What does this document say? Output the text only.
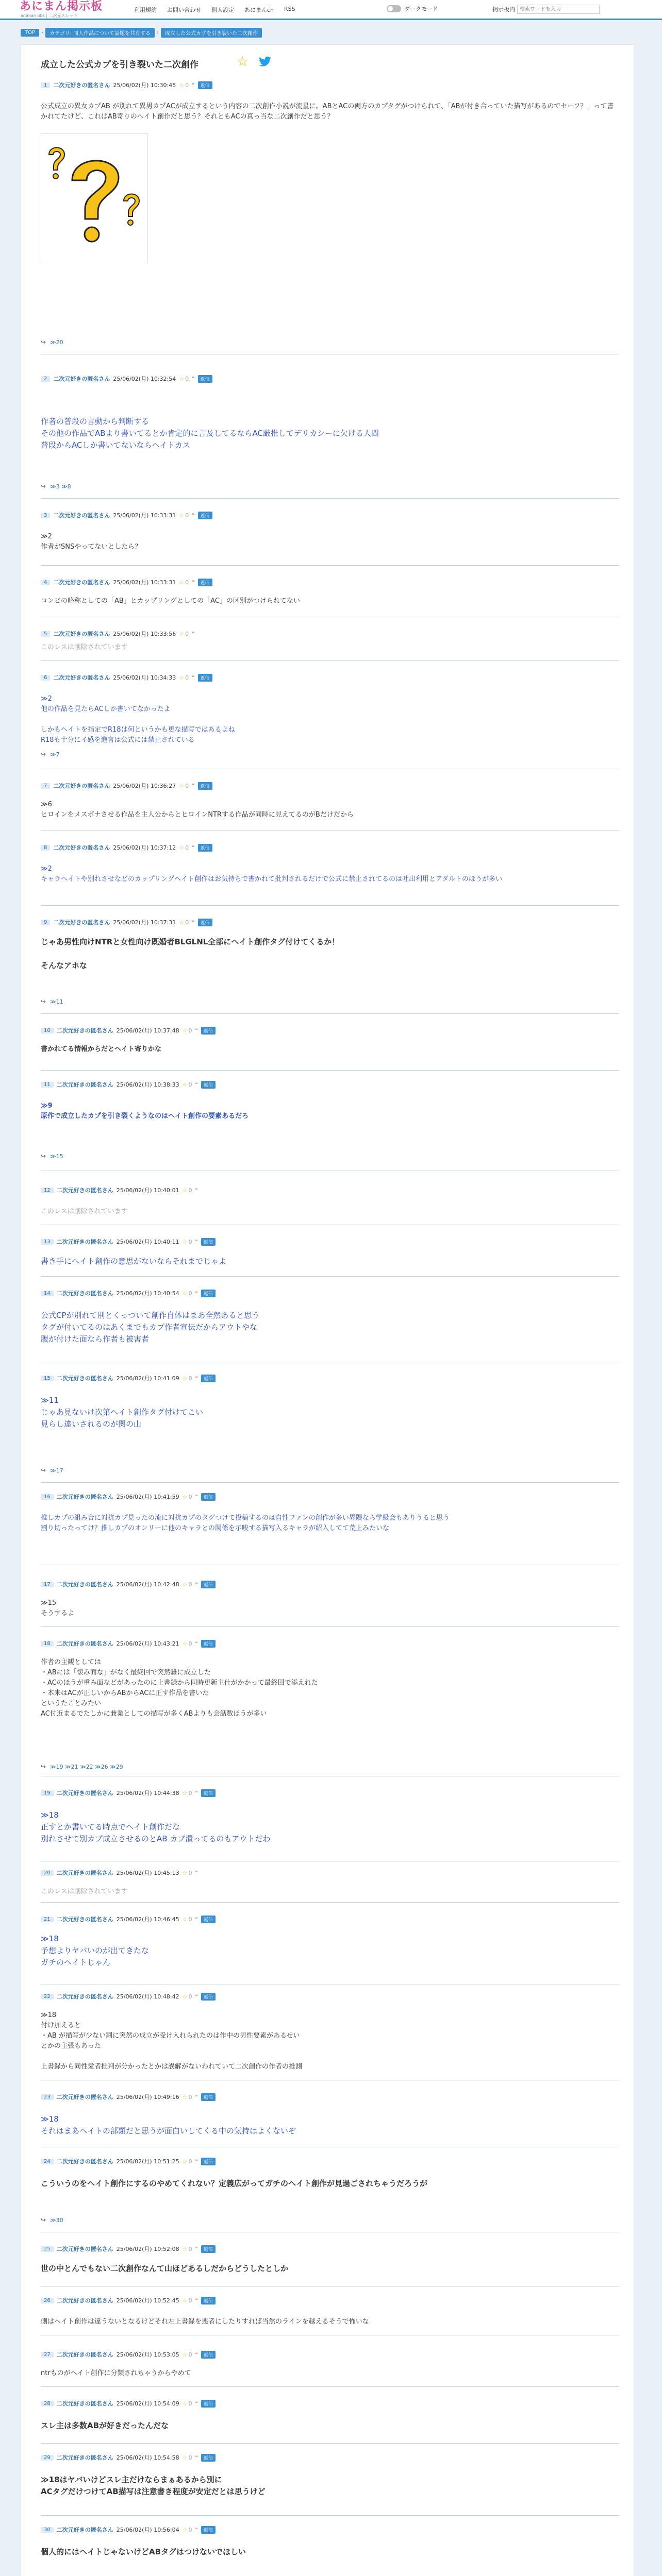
あにまん掲示板
animan bbs | 二次元スレッド
利用規約 お問い合わせ 個人設定 あにまんch RSS	ダークモード	掲示板内
検索ワードを入力
TOP	›	カテゴリ: 同人作品について話題を共有する	›	成立した公式カプを引き裂いた二次創作
成立した公式カプを引き裂いた二次創作	☆
1	二次元好きの匿名さん 25/06/02(月) 10:30:45 ☆ 0 ❝	返信
公式成立の異女カプAB が別れて異男カプACが成立するという内容の二次創作小説が流星に。ABとACの両方のカプタグがつけられて、「ABが付き合っていた描写があるのでセーフ？」って書かれてたけど、これはAB寄りのヘイト創作だと思う？それともACの真っ当な二次創作だと思う？
↪ ≫20
2	二次元好きの匿名さん 25/06/02(月) 10:32:54 ☆ 0 ❝	返信
作者の普段の言動から判断する
その他の作品でABより書いてるとか肯定的に言及してるならAC厳推してデリカシーに欠ける人間
普段からACしか書いてないならヘイトカス
↪ ≫3 ≫8
3	二次元好きの匿名さん 25/06/02(月) 10:33:31 ☆ 0 ❝	返信
≫2
作者がSNSやってないとしたら？
4	二次元好きの匿名さん 25/06/02(月) 10:33:31 ☆ 0 ❝	返信
コンビの略称としての「AB」とカップリングとしての「AC」の区別がつけられてない
5	二次元好きの匿名さん 25/06/02(月) 10:33:56 ☆ 0 ❝
このレスは削除されています
6	二次元好きの匿名さん 25/06/02(月) 10:34:33 ☆ 0 ❝	返信
≫2
他の作品を見たらACしか書いてなかったよ

しかもヘイトを指定でR18は何というかも更な描写ではあるよね
R18も十分にイ感を進言は公式には禁止されている
↪ ≫7
7	二次元好きの匿名さん 25/06/02(月) 10:36:27 ☆ 0 ❝	返信
≫6
ヒロインをメスボナさせる作品を主人公からとヒロインNTRする作品が同時に見えてるのがBだけだから
8	二次元好きの匿名さん 25/06/02(月) 10:37:12 ☆ 0 ❝	返信
≫2
キャラヘイトや別れさせなどのカップリングヘイト創作はお気持ちで書かれて批判されるだけで公式に禁止されてるのは吐出利用とアダルトのほうが多い
9	二次元好きの匿名さん 25/06/02(月) 10:37:31 ☆ 0 ❝	返信
じゃあ男性向けNTRと女性向け既婚者BLGLNL全部にヘイト創作タグ付けてくるか！

そんなアホな
↪ ≫11
10	二次元好きの匿名さん 25/06/02(月) 10:37:48 ☆ 0 ❝	返信
書かれてる情報からだとヘイト寄りかな
11	二次元好きの匿名さん 25/06/02(月) 10:38:33 ☆ 0 ❝	返信
≫9
原作で成立したカプを引き裂くようなのはヘイト創作の要素あるだろ
↪ ≫15
12	二次元好きの匿名さん 25/06/02(月) 10:40:01 ☆ 0 ❝
このレスは削除されています
13	二次元好きの匿名さん 25/06/02(月) 10:40:11 ☆ 0 ❝	返信
書き手にヘイト創作の意思がないならそれまでじゃよ
14	二次元好きの匿名さん 25/06/02(月) 10:40:54 ☆ 0 ❝	返信
公式CPが別れて別とくっついて創作自体はまあ全然あると思う
タグが付いてるのはあくまでもカプ作者宣伝だからアウトやな
腹が付けた面なら作者も被害者
15	二次元好きの匿名さん 25/06/02(月) 10:41:09 ☆ 0 ❝	返信
≫11
じゃあ見ないけ次第ヘイト創作タグ付けてこい
見らし違いされるのが関の山
↪ ≫17
16	二次元好きの匿名さん 25/06/02(月) 10:41:59 ☆ 0 ❝	返信
推しカプの組み合に対抗カプ見ったの流に対抗カプのタグつけて投稿するのは自性ファンの創作が多い界隈なら学級会もありうると思う
割り切ったってけ？推しカプのオンリーに他のキャラとの関係を示唆する描写入るキャラが紹入してて荒上みたいな
17	二次元好きの匿名さん 25/06/02(月) 10:42:48 ☆ 0 ❝	返信
≫15
そうするよ
18	二次元好きの匿名さん 25/06/02(月) 10:43:21 ☆ 0 ❝	返信
作者の主観としては
・ABには「懐み面な」がなく最終回で突然雑に成立した
・ACのほうが重み面などがあったのに上書録から同時更新主仕がかかって最終回で添えれた
・本来はACが正しいからABからACに正す作品を書いた
というたことみたい
AC付近まるでたしかに兼業としての描写が多くABよりも会話数ほうが多い
↪ ≫19 ≫21 ≫22 ≫26 ≫29
19	二次元好きの匿名さん 25/06/02(月) 10:44:38 ☆ 0 ❝	返信
≫18
正すとか書いてる時点でヘイト創作だな
別れさせて別カプ成立させるのとAB カプ潰ってるのもアウトだわ
20	二次元好きの匿名さん 25/06/02(月) 10:45:13 ☆ 0 ❝
このレスは削除されています
21	二次元好きの匿名さん 25/06/02(月) 10:46:45 ☆ 0 ❝	返信
≫18
予想よりヤバいのが出てきたな
ガチのヘイトじゃん
22	二次元好きの匿名さん 25/06/02(月) 10:48:42 ☆ 0 ❝	返信
≫18
付け加えると
・AB が描写が少ない割に突然の成立が受け入れられたのは作中の男性要素があるせい
とかの主張もあった

上書録から同性愛者批判が分かったとかは誤解がないわれていて二次創作の作者の推測
23	二次元好きの匿名さん 25/06/02(月) 10:49:16 ☆ 0 ❝	返信
≫18
それはまあヘイトの部類だと思うが面白いしてくる中の気持はよくないぞ
24	二次元好きの匿名さん 25/06/02(月) 10:51:25 ☆ 0 ❝	返信
こういうのをヘイト創作にするのやめてくれない？定義広がってガチのヘイト創作が見過ごされちゃうだろうが
↪ ≫30
25	二次元好きの匿名さん 25/06/02(月) 10:52:08 ☆ 0 ❝	返信
世の中とんでもない二次創作なんて山ほどあるしだからどうしたとしか
26	二次元好きの匿名さん 25/06/02(月) 10:52:45 ☆ 0 ❝	返信
側はヘイト創作は違うないとなるけどそれ左上書録を悪者にしたりすれば当然のラインを越えるそうで怖いな
27	二次元好きの匿名さん 25/06/02(月) 10:53:05 ☆ 0 ❝	返信
ntrものがヘイト創作に分類されちゃうからやめて
28	二次元好きの匿名さん 25/06/02(月) 10:54:09 ☆ 0 ❝	返信
スレ主は多数ABが好きだったんだな
29	二次元好きの匿名さん 25/06/02(月) 10:54:58 ☆ 0 ❝	返信
≫18はヤバいけどスレ主だけならまぁあるから別に
ACタグだけつけてAB描写は注意書き程度が安定だとは思うけど
30	二次元好きの匿名さん 25/06/02(月) 10:56:04 ☆ 0 ❝	返信
個人的にはヘイトじゃないけどABタグはつけないでほしい
